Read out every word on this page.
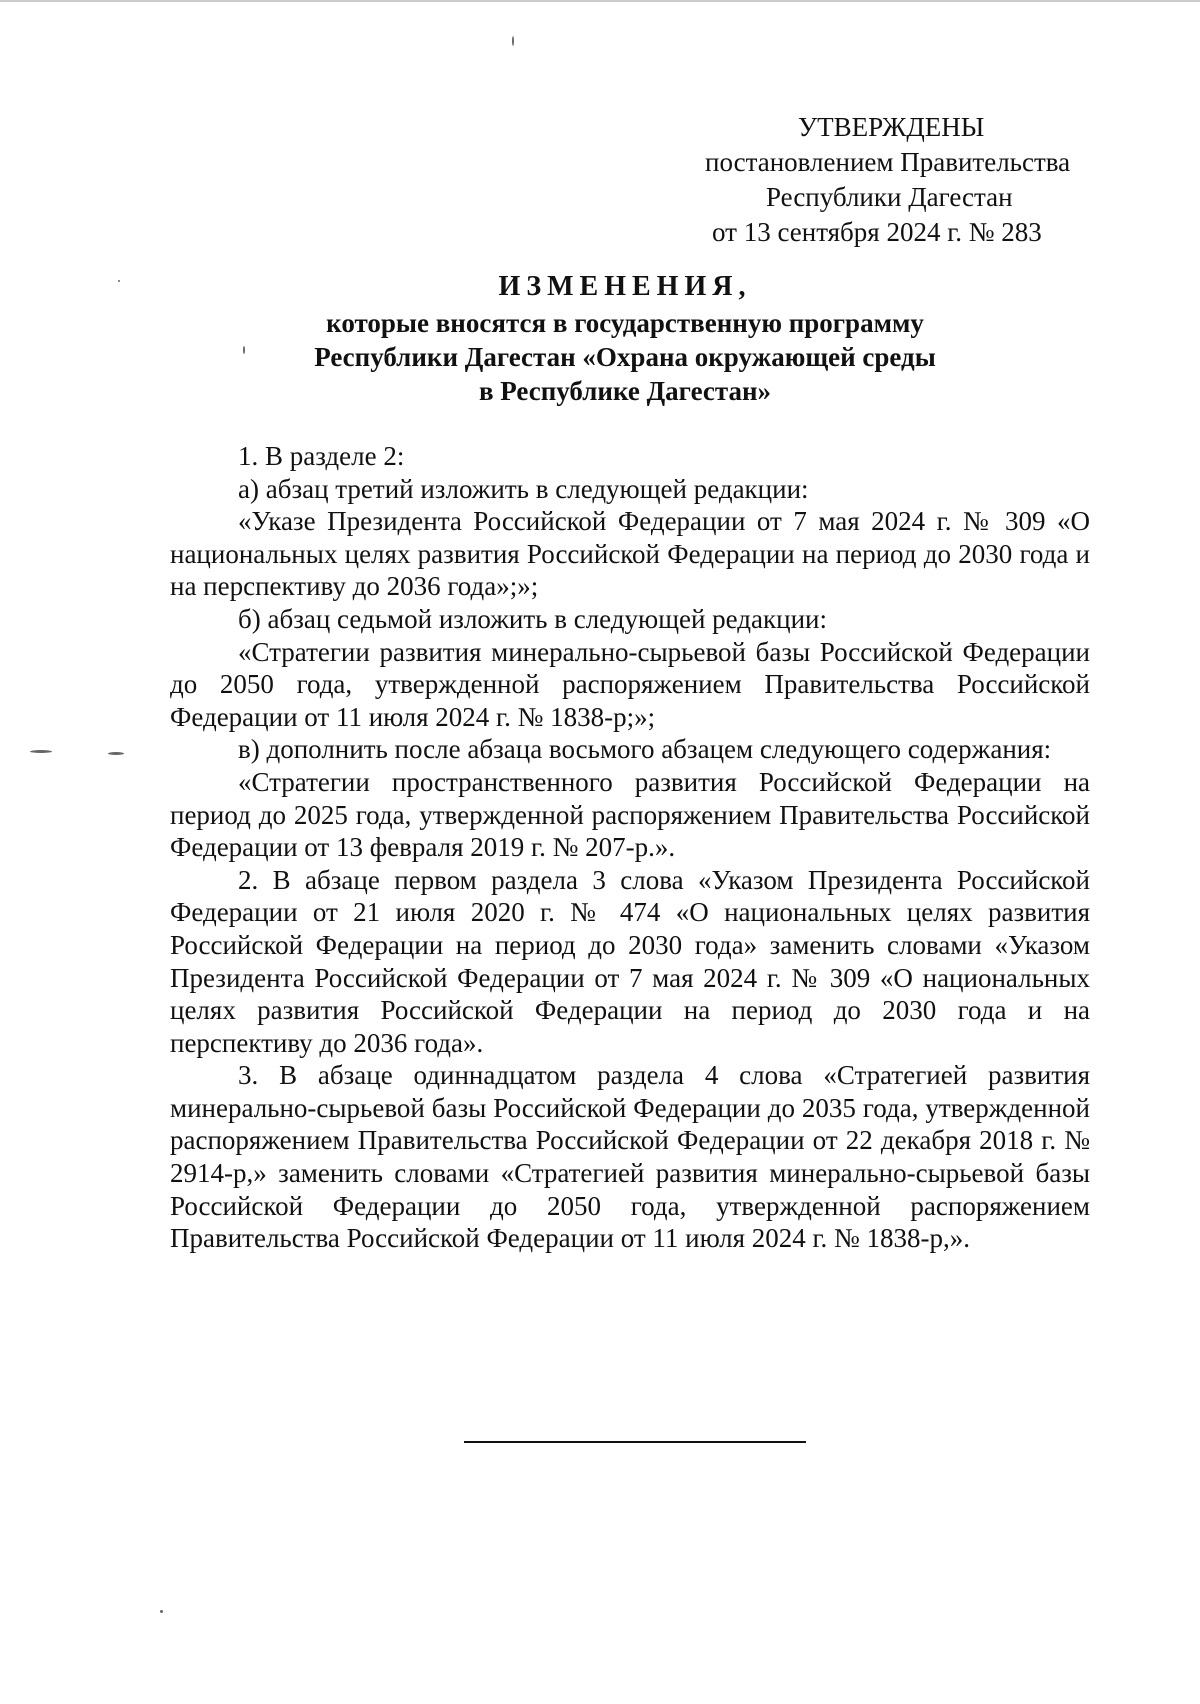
УТВЕРЖДЕНЫ
постановлением Правительства
Республики Дагестан
от 13 сентября 2024 г. № 283
ИЗМЕНЕНИЯ,
которые вносятся в государственную программу
Республики Дагестан «Охрана окружающей среды
в Республике Дагестан»

1. В разделе 2:

а) абзац третий изложить в следующей редакции:

«Указе Президента Российской Федерации от 7 мая 2024 г. № 309 «О национальных целях развития Российской Федерации на период до 2030 года и на перспективу до 2036 года»;»;

б) абзац седьмой изложить в следующей редакции:

«Стратегии развития минерально-сырьевой базы Российской Федерации до 2050 года, утвержденной распоряжением Правительства Российской Федерации от 11 июля 2024 г. № 1838-р;»;

в) дополнить после абзаца восьмого абзацем следующего содержания:

«Стратегии пространственного развития Российской Федерации на период до 2025 года, утвержденной распоряжением Правительства Российской Федерации от 13 февраля 2019 г. № 207-р.».

2. В абзаце первом раздела 3 слова «Указом Президента Российской Федерации от 21 июля 2020 г. № 474 «О национальных целях развития Российской Федерации на период до 2030 года» заменить словами «Указом Президента Российской Федерации от 7 мая 2024 г. № 309 «О национальных целях развития Российской Федерации на период до 2030 года и на перспективу до 2036 года».

3. В абзаце одиннадцатом раздела 4 слова «Стратегией развития минерально-сырьевой базы Российской Федерации до 2035 года, утвержденной распоряжением Правительства Российской Федерации от 22 декабря 2018 г. № 2914-р,» заменить словами «Стратегией развития минерально-сырьевой базы Российской Федерации до 2050 года, утвержденной распоряжением Правительства Российской Федерации от 11 июля 2024 г. № 1838-р,».
